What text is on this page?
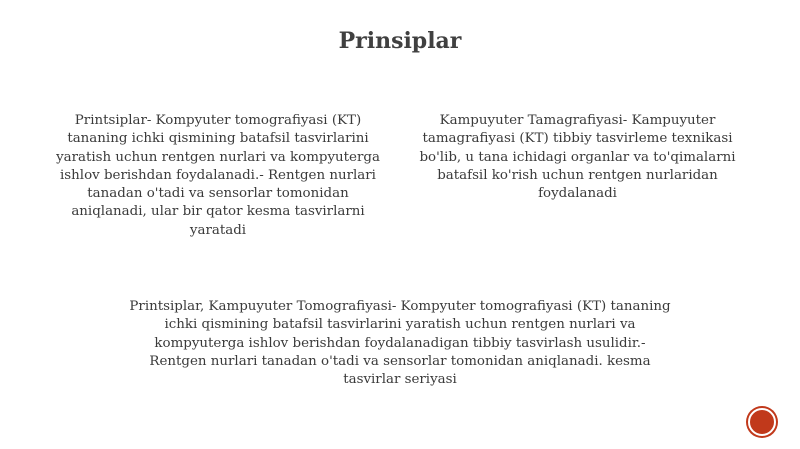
Prinsiplar
Printsiplar- Kompyuter tomografiyasi (KT) tananing ichki qismining batafsil tasvirlarini yaratish uchun rentgen nurlari va kompyuterga ishlov berishdan foydalanadi.- Rentgen nurlari tanadan o'tadi va sensorlar tomonidan aniqlanadi, ular bir qator kesma tasvirlarni yaratadi
Kampuyuter Tamagrafiyasi- Kampuyuter tamagrafiyasi (KT) tibbiy tasvirleme texnikasi bo'lib, u tana ichidagi organlar va to'qimalarni batafsil ko'rish uchun rentgen nurlaridan foydalanadi
Printsiplar, Kampuyuter Tomografiyasi- Kompyuter tomografiyasi (KT) tananing ichki qismining batafsil tasvirlarini yaratish uchun rentgen nurlari va kompyuterga ishlov berishdan foydalanadigan tibbiy tasvirlash usulidir.- Rentgen nurlari tanadan o'tadi va sensorlar tomonidan aniqlanadi. kesma tasvirlar seriyasi
